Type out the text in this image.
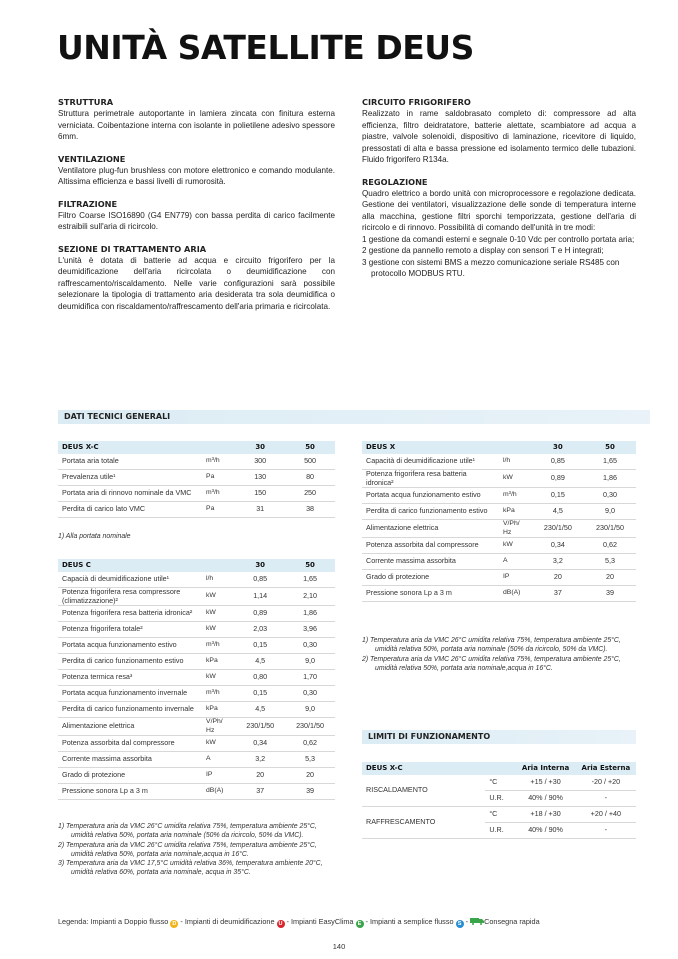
UNITÀ SATELLITE DEUS
STRUTTURA

Struttura perimetrale autoportante in lamiera zincata con finitura esterna verniciata. Coibentazione interna con isolante in polietilene adesivo spessore 6mm.

VENTILAZIONE

Ventilatore plug-fun brushless con motore elettronico e comando modulante. Altissima efficienza e bassi livelli di rumorosità.

FILTRAZIONE

Filtro Coarse ISO16890 (G4 EN779) con bassa perdita di carico facilmente estraibili sull'aria di ricircolo.

SEZIONE DI TRATTAMENTO ARIA

L'unità è dotata di batterie ad acqua e circuito frigorifero per la deumidificazione dell'aria ricircolata o deumidificazione con raffrescamento/riscaldamento. Nelle varie configurazioni sarà possibile selezionare la tipologia di trattamento aria desiderata tra sola deumidifica o deumidifica con riscaldamento/raffrescamento dell'aria primaria e ricircolata.

CIRCUITO FRIGORIFERO

Realizzato in rame saldobrasato completo di: compressore ad alta efficienza, filtro deidratatore, batterie alettate, scambiatore ad acqua a piastre, valvole solenoidi, dispositivo di laminazione, ricevitore di liquido, pressostati di alta e bassa pressione ed isolamento termico delle tubazioni. Fluido frigorifero R134a.

REGOLAZIONE

Quadro elettrico a bordo unità con microprocessore e regolazione dedicata. Gestione dei ventilatori, visualizzazione delle sonde di temperatura interne alla macchina, gestione filtri sporchi temporizzata, gestione dell'aria di ricircolo e di rinnovo. Possibilità di comando dell'unità in tre modi:

1 gestione da comandi esterni e segnale 0-10 Vdc per controllo portata aria;
2 gestione da pannello remoto a display con sensori T e H integrati;
3 gestione con sistemi BMS a mezzo comunicazione seriale RS485 con protocollo MODBUS RTU.
DATI TECNICI GENERALI
DEUS X-C		30	50
Portata aria totale	m³/h	300	500
Prevalenza utile¹	Pa	130	80
Portata aria di rinnovo nominale da VMC	m³/h	150	250
Perdita di carico lato VMC	Pa	31	38
1) Alla portata nominale
DEUS C		30	50
Capacià di deumidificazione utile¹	l/h	0,85	1,65
Potenza frigorifera resa compressore (climatizzazione)²	kW	1,14	2,10
Potenza frigorifera resa batteria idronica²	kW	0,89	1,86
Potenza frigorifera totale²	kW	2,03	3,96
Portata acqua funzionamento estivo	m³/h	0,15	0,30
Perdita di carico funzionamento estivo	kPa	4,5	9,0
Potenza termica resa³	kW	0,80	1,70
Portata acqua funzionamento invernale	m³/h	0,15	0,30
Perdita di carico funzionamento invernale	kPa	4,5	9,0
Alimentazione elettrica	V/Ph/ Hz	230/1/50	230/1/50
Potenza assorbita dal compressore	kW	0,34	0,62
Corrente massima assorbita	A	3,2	5,3
Grado di protezione	IP	20	20
Pressione sonora Lp a 3 m	dB(A)	37	39
1) Temperatura aria da VMC 26°C umidita relativa 75%, temperatura ambiente 25°C, umidità relativa 50%, portata aria nominale (50% da ricircolo, 50% da VMC).
2) Temperatura aria da VMC 26°C umidita relativa 75%, temperatura ambiente 25°C, umidità relativa 50%, portata aria nominale,acqua in 16°C.
3) Temperatura aria da VMC 17,5°C umidità relativa 36%, temperatura ambiente 20°C, umidità relativa 60%, portata aria nominale, acqua in 35°C.
DEUS X		30	50
Capacità di deumidificazione utile¹	l/h	0,85	1,65
Potenza frigorifera resa batteria idronica²	kW	0,89	1,86
Portata acqua funzionamento estivo	m³/h	0,15	0,30
Perdita di carico funzionamento estivo	kPa	4,5	9,0
Alimentazione elettrica	V/Ph/ Hz	230/1/50	230/1/50
Potenza assorbita dal compressore	kW	0,34	0,62
Corrente massima assorbita	A	3,2	5,3
Grado di protezione	IP	20	20
Pressione sonora Lp a 3 m	dB(A)	37	39
1) Temperatura aria da VMC 26°C umidita relativa 75%, temperatura ambiente 25°C, umidità relativa 50%, portata aria nominale (50% da ricircolo, 50% da VMC).
2) Temperatura aria da VMC 26°C umidita relativa 75%, temperatura ambiente 25°C, umidità relativa 50%, portata aria nominale,acqua in 16°C.
LIMITI DI FUNZIONAMENTO
DEUS X-C		Aria Interna	Aria Esterna
RISCALDAMENTO	°C	+15 / +30	-20 / +20
	U.R.	40% / 90%	-
RAFFRESCAMENTO	°C	+18 / +30	+20 / +40
	U.R.	40% / 90%	-
Legenda: Impianti a Doppio flusso D - Impianti di deumidificazione U - Impianti EasyClima E - Impianti a semplice flusso S - Consegna rapida
140
